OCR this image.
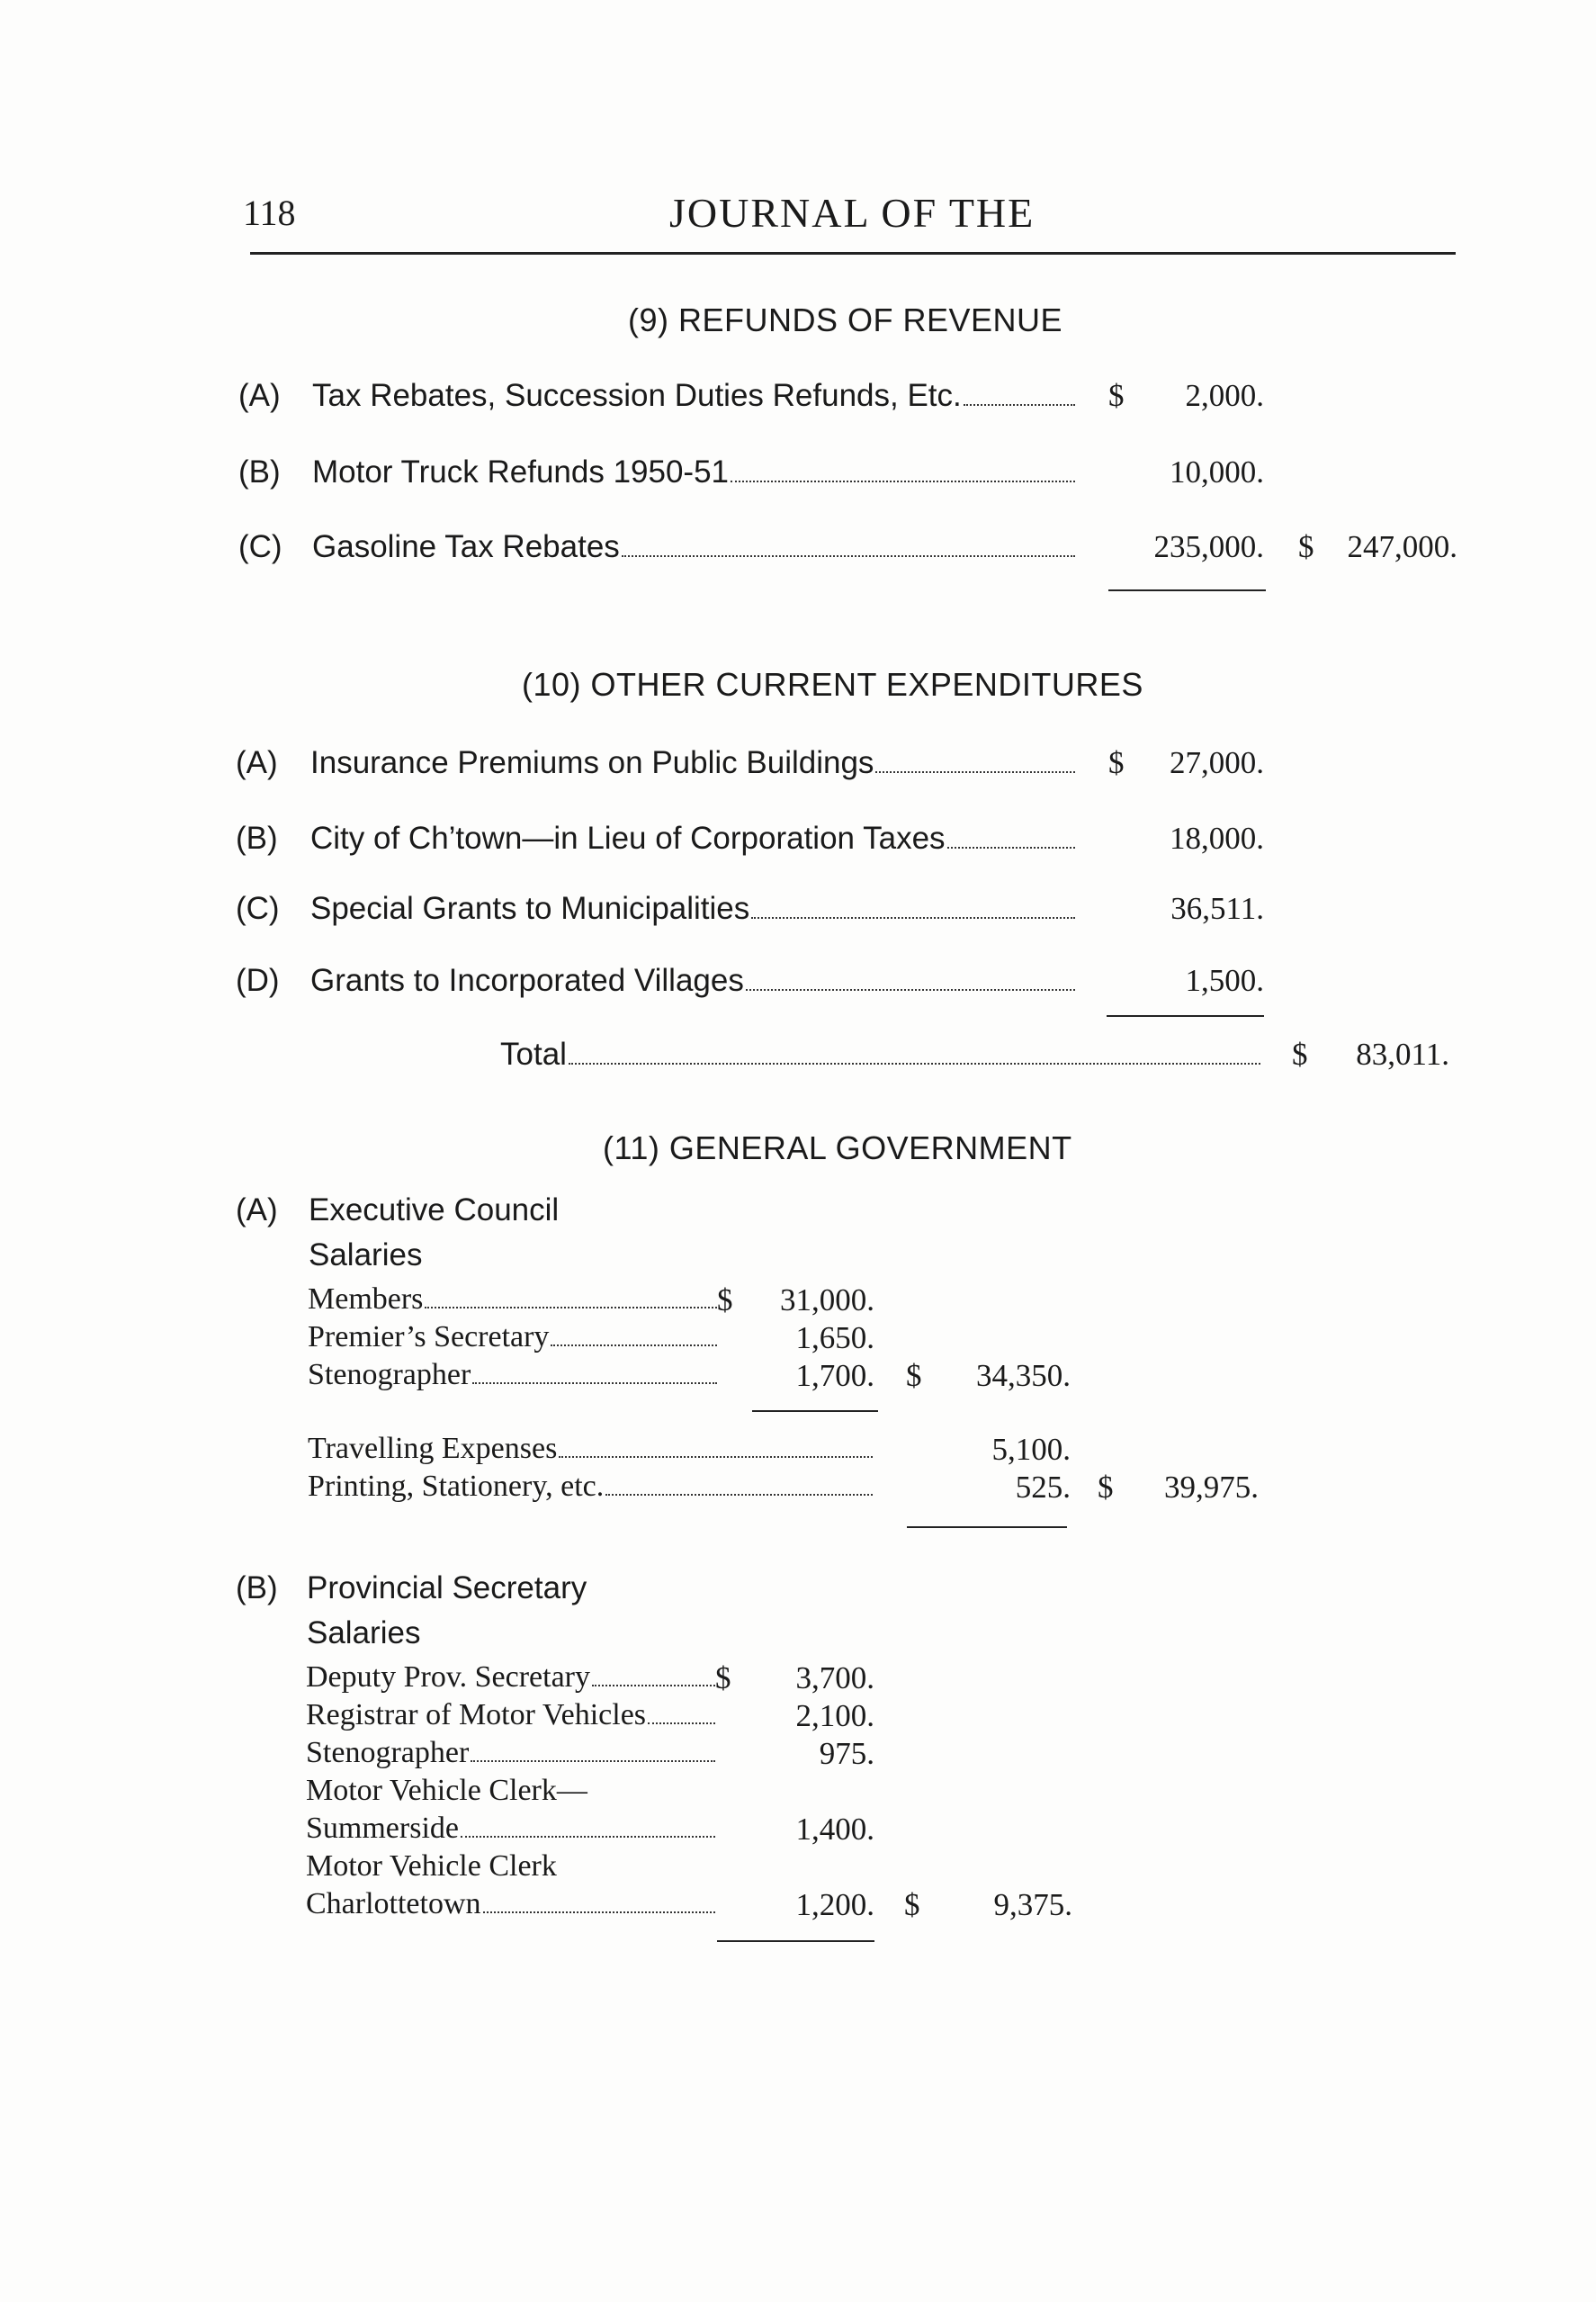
118	JOURNAL OF THE
(9) REFUNDS OF REVENUE
(A) Tax Rebates, Succession Duties Refunds, Etc.	$	2,000.
(B) Motor Truck Refunds 1950-51	10,000.
(C) Gasoline Tax Rebates	235,000. $	247,000.
(10) OTHER CURRENT EXPENDITURES
(A) Insurance Premiums on Public Buildings	$	27,000.
(B) City of Ch’town—in Lieu of Corporation Taxes	18,000.
(C) Special Grants to Municipalities	36,511.
(D) Grants to Incorporated Villages	1,500.
Total	$	83,011.
(11) GENERAL GOVERNMENT
(A) Executive Council
Salaries
Members	$	31,000.
Premier’s Secretary	1,650.
Stenographer	1,700. $	34,350.
Travelling Expenses	5,100.
Printing, Stationery, etc.	525. $	39,975.
(B) Provincial Secretary
Salaries
Deputy Prov. Secretary	$	3,700.
Registrar of Motor Vehicles	2,100.
Stenographer	975.
Motor Vehicle Clerk—
Summerside	1,400.
Motor Vehicle Clerk
Charlottetown	1,200. $	9,375.
